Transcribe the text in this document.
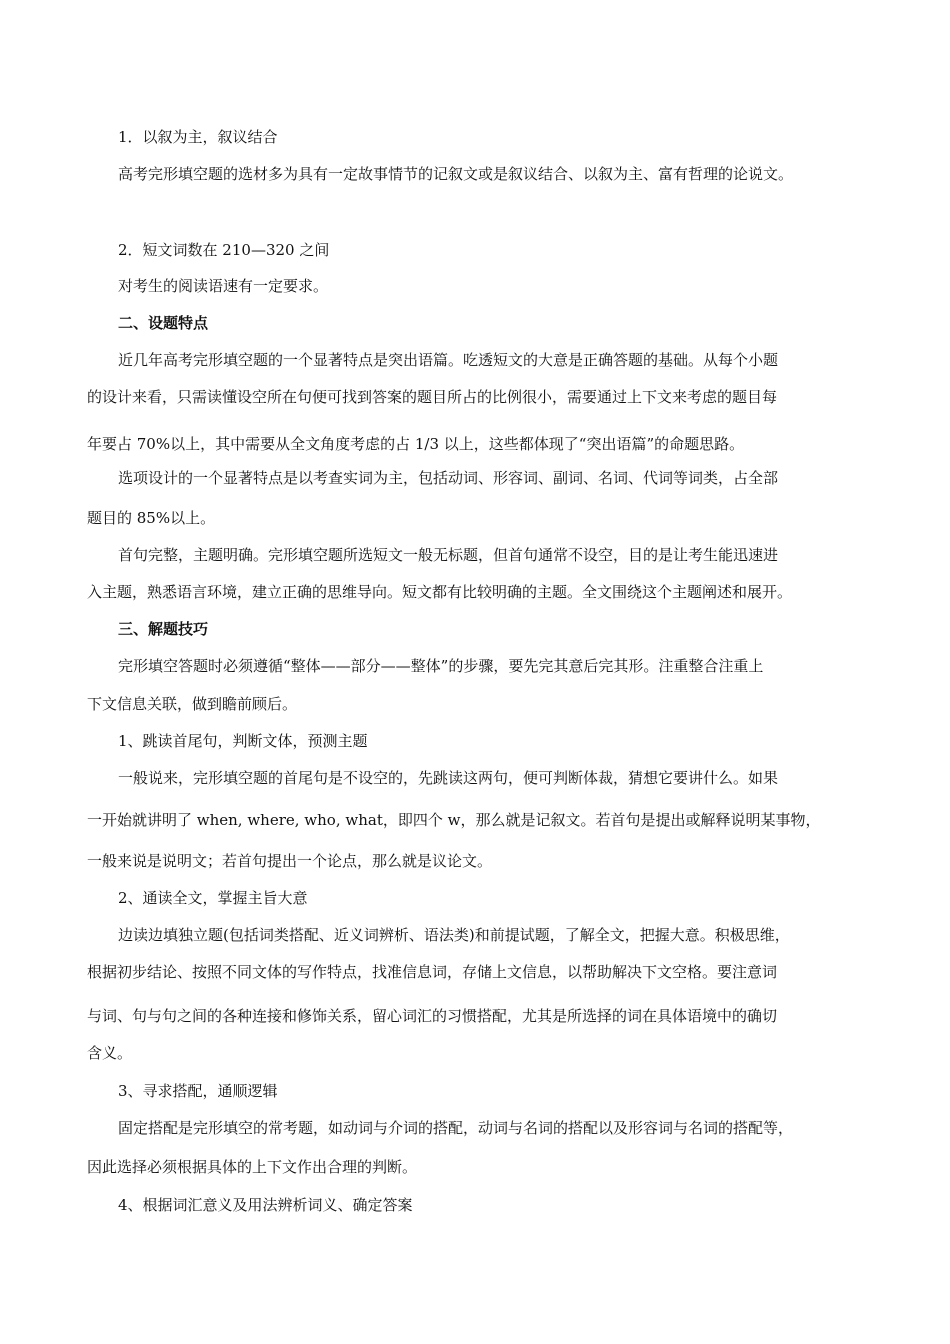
1．以叙为主，叙议结合
高考完形填空题的选材多为具有一定故事情节的记叙文或是叙议结合、以叙为主、富有哲理的论说文。
2．短文词数在 210—320 之间
对考生的阅读语速有一定要求。
二、设题特点
近几年高考完形填空题的一个显著特点是突出语篇。吃透短文的大意是正确答题的基础。从每个小题
的设计来看，只需读懂设空所在句便可找到答案的题目所占的比例很小，需要通过上下文来考虑的题目每
年要占 70%以上，其中需要从全文角度考虑的占 1/3 以上，这些都体现了“突出语篇”的命题思路。
选项设计的一个显著特点是以考查实词为主，包括动词、形容词、副词、名词、代词等词类，占全部
题目的 85%以上。
首句完整，主题明确。完形填空题所选短文一般无标题，但首句通常不设空，目的是让考生能迅速进
入主题，熟悉语言环境，建立正确的思维导向。短文都有比较明确的主题。全文围绕这个主题阐述和展开。
三、解题技巧
完形填空答题时必须遵循“整体——部分——整体”的步骤，要先完其意后完其形。注重整合注重上
下文信息关联，做到瞻前顾后。
1、跳读首尾句，判断文体，预测主题
一般说来，完形填空题的首尾句是不设空的，先跳读这两句，便可判断体裁，猜想它要讲什么。如果
一开始就讲明了 when, where, who, what，即四个 w，那么就是记叙文。若首句是提出或解释说明某事物，
一般来说是说明文；若首句提出一个论点，那么就是议论文。
2、通读全文，掌握主旨大意
边读边填独立题(包括词类搭配、近义词辨析、语法类)和前提试题，了解全文，把握大意。积极思维，
根据初步结论、按照不同文体的写作特点，找准信息词，存储上文信息，以帮助解决下文空格。要注意词
与词、句与句之间的各种连接和修饰关系，留心词汇的习惯搭配，尤其是所选择的词在具体语境中的确切
含义。
3、寻求搭配，通顺逻辑
固定搭配是完形填空的常考题，如动词与介词的搭配，动词与名词的搭配以及形容词与名词的搭配等，
因此选择必须根据具体的上下文作出合理的判断。
4、根据词汇意义及用法辨析词义、确定答案
